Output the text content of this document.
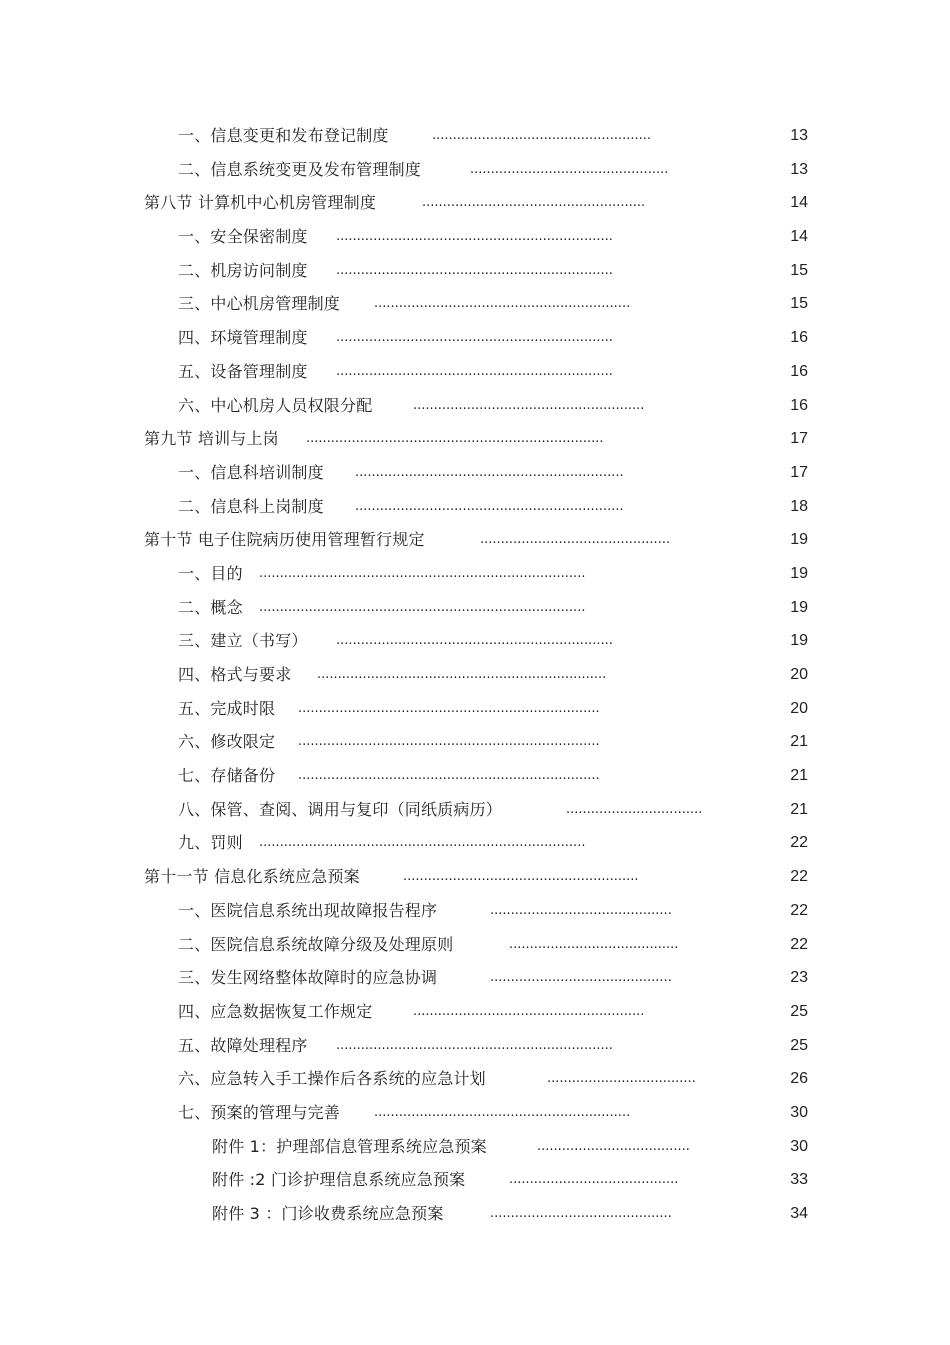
一、信息变更和发布登记制度	.....................................................	13
二、信息系统变更及发布管理制度	................................................	13
第八节 计算机中心机房管理制度	......................................................	14
一、安全保密制度 ...................................................................	14
二、机房访问制度 ...................................................................	15
三、中心机房管理制度	..............................................................	15
四、环境管理制度 ...................................................................	16
五、设备管理制度 ...................................................................	16
六、中心机房人员权限分配	........................................................	16
第九节 培训与上岗 ........................................................................	17
一、信息科培训制度 .................................................................	17
二、信息科上岗制度 .................................................................	18
第十节 电子住院病历使用管理暂行规定	..............................................	19
一、目的 ...............................................................................	19
二、概念 ...............................................................................	19
三、建立（书写） ...................................................................	19
四、格式与要求 ......................................................................	20
五、完成时限 .........................................................................	20
六、修改限定 .........................................................................	21
七、存储备份 .........................................................................	21
八、保管、查阅、调用与复印（同纸质病历）	.................................	21
九、罚则 ...............................................................................	22
第十一节 信息化系统应急预案	.........................................................	22
一、医院信息系统出现故障报告程序	............................................	22
二、医院信息系统故障分级及处理原则	.........................................	22
三、发生网络整体故障时的应急协调	............................................	23
四、应急数据恢复工作规定	........................................................	25
五、故障处理程序 ...................................................................	25
六、应急转入手工操作后各系统的应急计划	....................................	26
七、预案的管理与完善	..............................................................	30
附件 1：护理部信息管理系统应急预案	.....................................	30
附件 :2 门诊护理信息系统应急预案	.........................................	33
附件 3 ：门诊收费系统应急预案	............................................	34
